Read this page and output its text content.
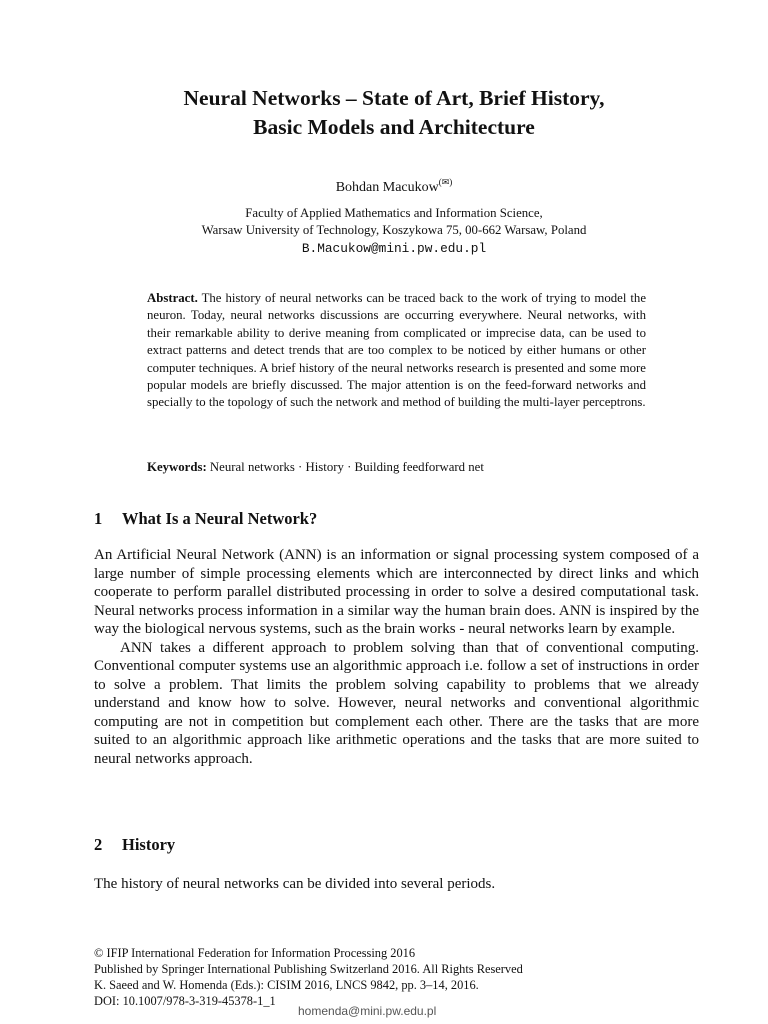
Neural Networks – State of Art, Brief History,
Basic Models and Architecture
Bohdan Macukow(✉)
Faculty of Applied Mathematics and Information Science,
Warsaw University of Technology, Koszykowa 75, 00-662 Warsaw, Poland
B.Macukow@mini.pw.edu.pl
Abstract. The history of neural networks can be traced back to the work of trying to model the neuron. Today, neural networks discussions are occurring everywhere. Neural networks, with their remarkable ability to derive meaning from complicated or imprecise data, can be used to extract patterns and detect trends that are too complex to be noticed by either humans or other computer techniques. A brief history of the neural networks research is presented and some more popular models are briefly discussed. The major attention is on the feed-forward networks and specially to the topology of such the network and method of building the multi-layer perceptrons.
Keywords: Neural networks · History · Building feedforward net
1 What Is a Neural Network?

An Artificial Neural Network (ANN) is an information or signal processing system composed of a large number of simple processing elements which are interconnected by direct links and which cooperate to perform parallel distributed processing in order to solve a desired computational task. Neural networks process information in a similar way the human brain does. ANN is inspired by the way the biological nervous systems, such as the brain works - neural networks learn by example.

ANN takes a different approach to problem solving than that of conventional computing. Conventional computer systems use an algorithmic approach i.e. follow a set of instructions in order to solve a problem. That limits the problem solving capability to problems that we already understand and know how to solve. However, neural networks and conventional algorithmic computing are not in competition but complement each other. There are the tasks that are more suited to an algorithmic approach like arithmetic operations and the tasks that are more suited to neural networks approach.

2 History

The history of neural networks can be divided into several periods.

© IFIP International Federation for Information Processing 2016
Published by Springer International Publishing Switzerland 2016. All Rights Reserved
K. Saeed and W. Homenda (Eds.): CISIM 2016, LNCS 9842, pp. 3–14, 2016.
DOI: 10.1007/978-3-319-45378-1_1
homenda@mini.pw.edu.pl
